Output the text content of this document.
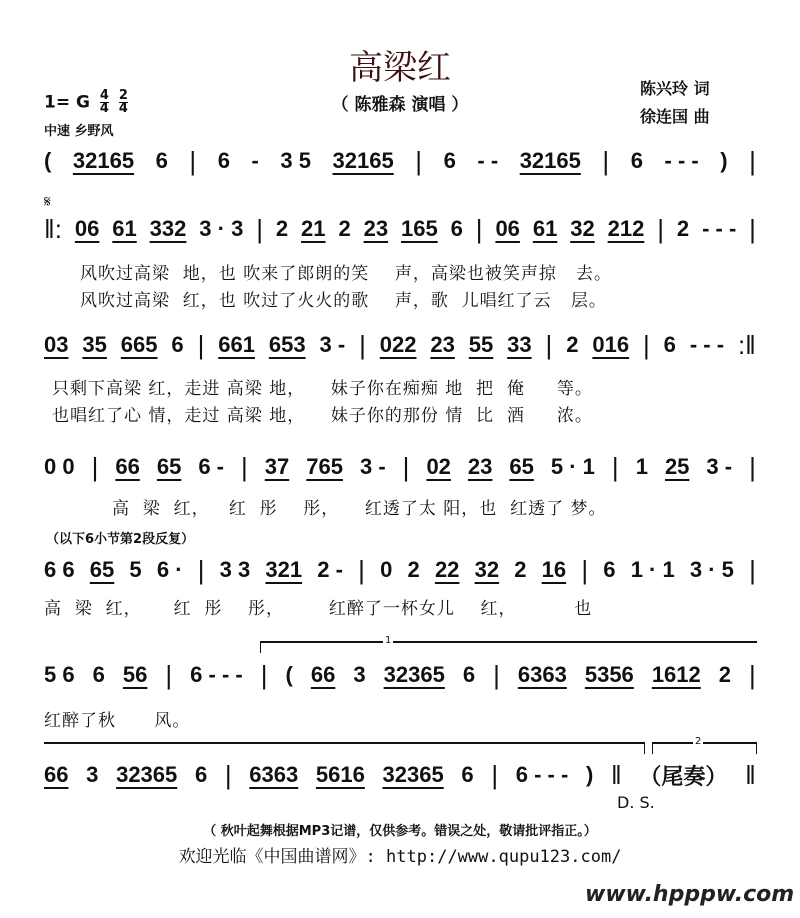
高梁红
（ 陈雅森 演唱 ）
陈兴玲 词
徐连国 曲
1= G $\frac{4}{4}$
$\frac{2}{4}$
中速 乡野风
𝄋
( 32165 6 | 6 - 3 5 32165 | 6 - - 32165 | 6 - - - ) |
‖: 06 61 332 3 · 3 | 2 21 2 23 165 6 | 06 61 32 212 | 2 - - - |
风吹过高梁  地，也 吹来了郎朗的笑    声，高梁也被笑声掠   去。
风吹过高梁  红，也 吹过了火火的歌    声，歌  儿唱红了云   层。
03 35 665 6 | 661 653 3 - | 022 23 55 33 | 2 016 | 6 - - - :‖
只剩下高梁 红，走进 高梁 地，    妹子你在痴痴 地  把  俺     等。
也唱红了心 情，走过 高梁 地，    妹子你的那份 情  比  酒     浓。
0 0 | 66 65 6 - | 37 765 3 - | 02 23 65 5 · 1 | 1 25 3 - |
高  梁  红，   红  彤    彤，    红透了太 阳，也  红透了 梦。
（以下6小节第2段反复）
6 6 65 5 6 · | 3 3 321 2 - | 0 2 22 32 2 16 | 6 1 · 1 3 · 5 |
高  梁  红，     红  彤    彤，       红醉了一杯女儿    红，         也
1
5 6 6 56 | 6 - - - | ( 66 3 32365 6 | 6363 5356 1612 2 |
红醉了秋      风。
2
66 3 32365 6 | 6363 5616 32365 6 | 6 - - - ) ‖ （尾奏） ‖
D. S.
（ 秋叶起舞根据MP3记谱，仅供参考。错误之处，敬请批评指正。）
欢迎光临《中国曲谱网》: http://www.qupu123.com/
www.hpppw.com
